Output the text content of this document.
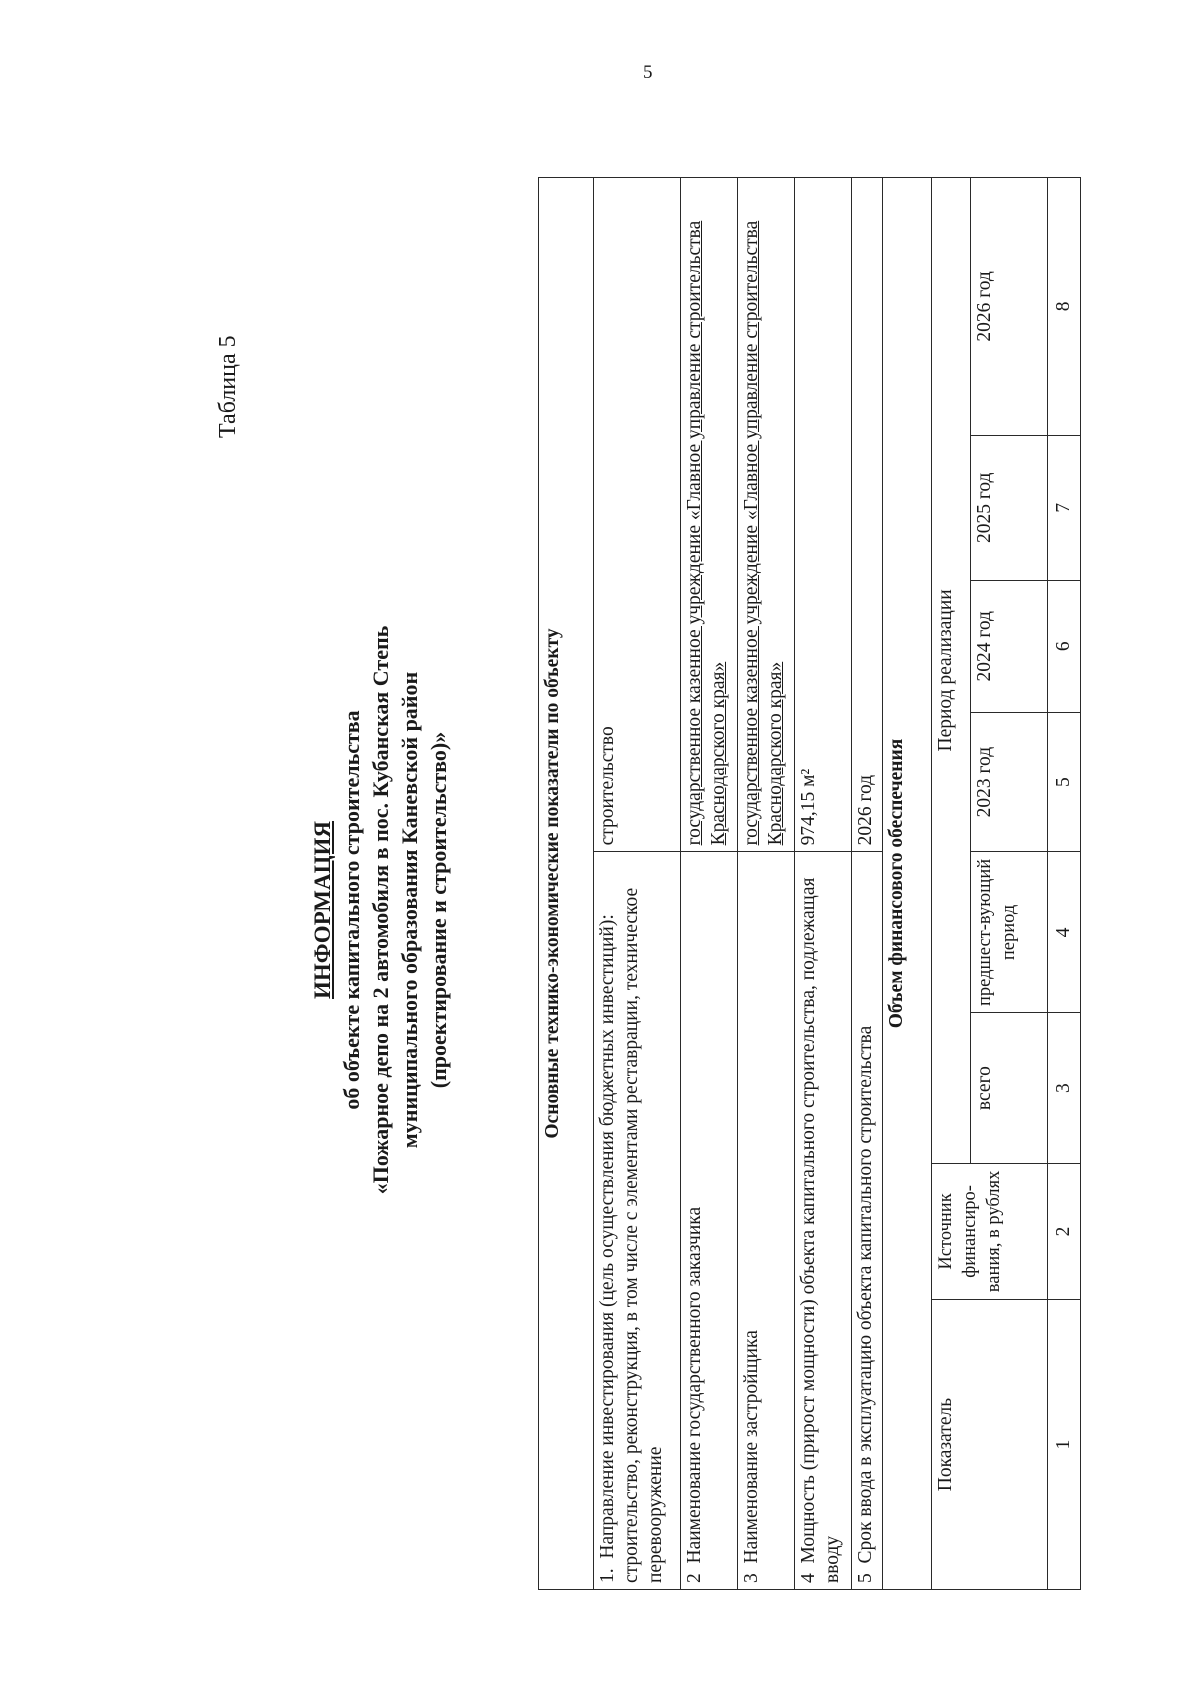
5
Таблица 5
ИНФОРМАЦИЯ об объекте капитального строительства «Пожарное депо на 2 автомобиля в пос. Кубанская Степь муниципального образования Каневской район (проектирование и строительство)»	Основные технико-экономические показатели по объекту							
1.  Направление инвестирования (цель осуществления бюджетных инвестиций): строительство, реконструкция, в том числе с элементами реставрации, техническое перевооружение				строительство			
2  Наименование государственного заказчика				государственное казенное учреждение «Главное управление строительства Краснодарского края»			
3  Наименование застройщика				государственное казенное учреждение «Главное управление строительства Краснодарского края»			
4  Мощность (прирост мощности) объекта капитального строительства, подлежащая вводу				974,15 м²			
5  Срок ввода в эксплуатацию объекта капитального строительства				2026 год			
Объем финансового обеспечения							
Показатель	Источник финансиро-вания, в рублях	Период реализации					
		всего	предшест-вующий период	2023 год	2024 год	2025 год	2026 год
1	2	3	4	5	6	7	8
